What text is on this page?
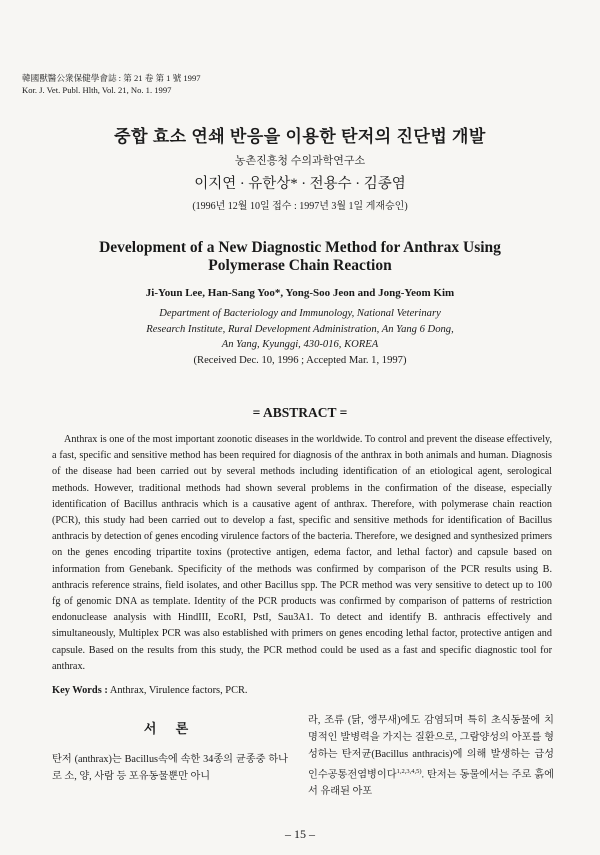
韓國獸醫公衆保健學會誌 : 第 21 卷 第 1 號 1997
Kor. J. Vet. Publ. Hlth, Vol. 21, No. 1. 1997
중합 효소 연쇄 반응을 이용한 탄저의 진단법 개발
농촌진흥청 수의과학연구소
이지연 · 유한상* · 전용수 · 김종염
(1996년 12월 10일 접수 : 1997년 3월 1일 게재승인)
Development of a New Diagnostic Method for Anthrax Using
Polymerase Chain Reaction
Ji-Youn Lee, Han-Sang Yoo*, Yong-Soo Jeon and Jong-Yeom Kim
Department of Bacteriology and Immunology, National Veterinary
Research Institute, Rural Development Administration, An Yang 6 Dong,
An Yang, Kyunggi, 430-016, KOREA
(Received Dec. 10, 1996 ; Accepted Mar. 1, 1997)
= ABSTRACT =

Anthrax is one of the most important zoonotic diseases in the worldwide. To control and prevent the disease effectively, a fast, specific and sensitive method has been required for diagnosis of the anthrax in both animals and human. Diagnosis of the disease had been carried out by several methods including identification of an etiological agent, serological methods. However, traditional methods had shown several problems in the confirmation of the disease, especially identification of Bacillus anthracis which is a causative agent of anthrax. Therefore, with polymerase chain reaction (PCR), this study had been carried out to develop a fast, specific and sensitive methods for identification of Bacillus anthracis by detection of genes encoding virulence factors of the bacteria. Therefore, we designed and synthesized primers on the genes encoding tripartite toxins (protective antigen, edema factor, and lethal factor) and capsule based on information from Genebank. Specificity of the methods was confirmed by comparison of the PCR results using B. anthracis reference strains, field isolates, and other Bacillus spp. The PCR method was very sensitive to detect up to 100 fg of genomic DNA as template. Identity of the PCR products was confirmed by comparison of patterns of restriction endonuclease analysis with HindIII, EcoRI, PstI, Sau3A1. To detect and identify B. anthracis effectively and simultaneously, Multiplex PCR was also established with primers on genes encoding lethal factor, protective antigen and capsule. Based on the results from this study, the PCR method could be used as a fast and specific diagnostic tool for anthrax.

Key Words : Anthrax, Virulence factors, PCR.
서 론
탄저 (anthrax)는 Bacillus속에 속한 34종의 균종중 하나로 소, 양, 사람 등 포유동물뿐만 아니
라, 조류 (닭, 앵무새)에도 감염되며 특히 초식동물에 치명적인 발병력을 가지는 질환으로, 그람양성의 아포를 형성하는 탄저균(Bacillus anthracis)에 의해 발생하는 급성 인수공통전염병이다$^{1,2,3,4,5)}$. 탄저는 동물에서는 주로 흙에서 유래된 아포
– 15 –
